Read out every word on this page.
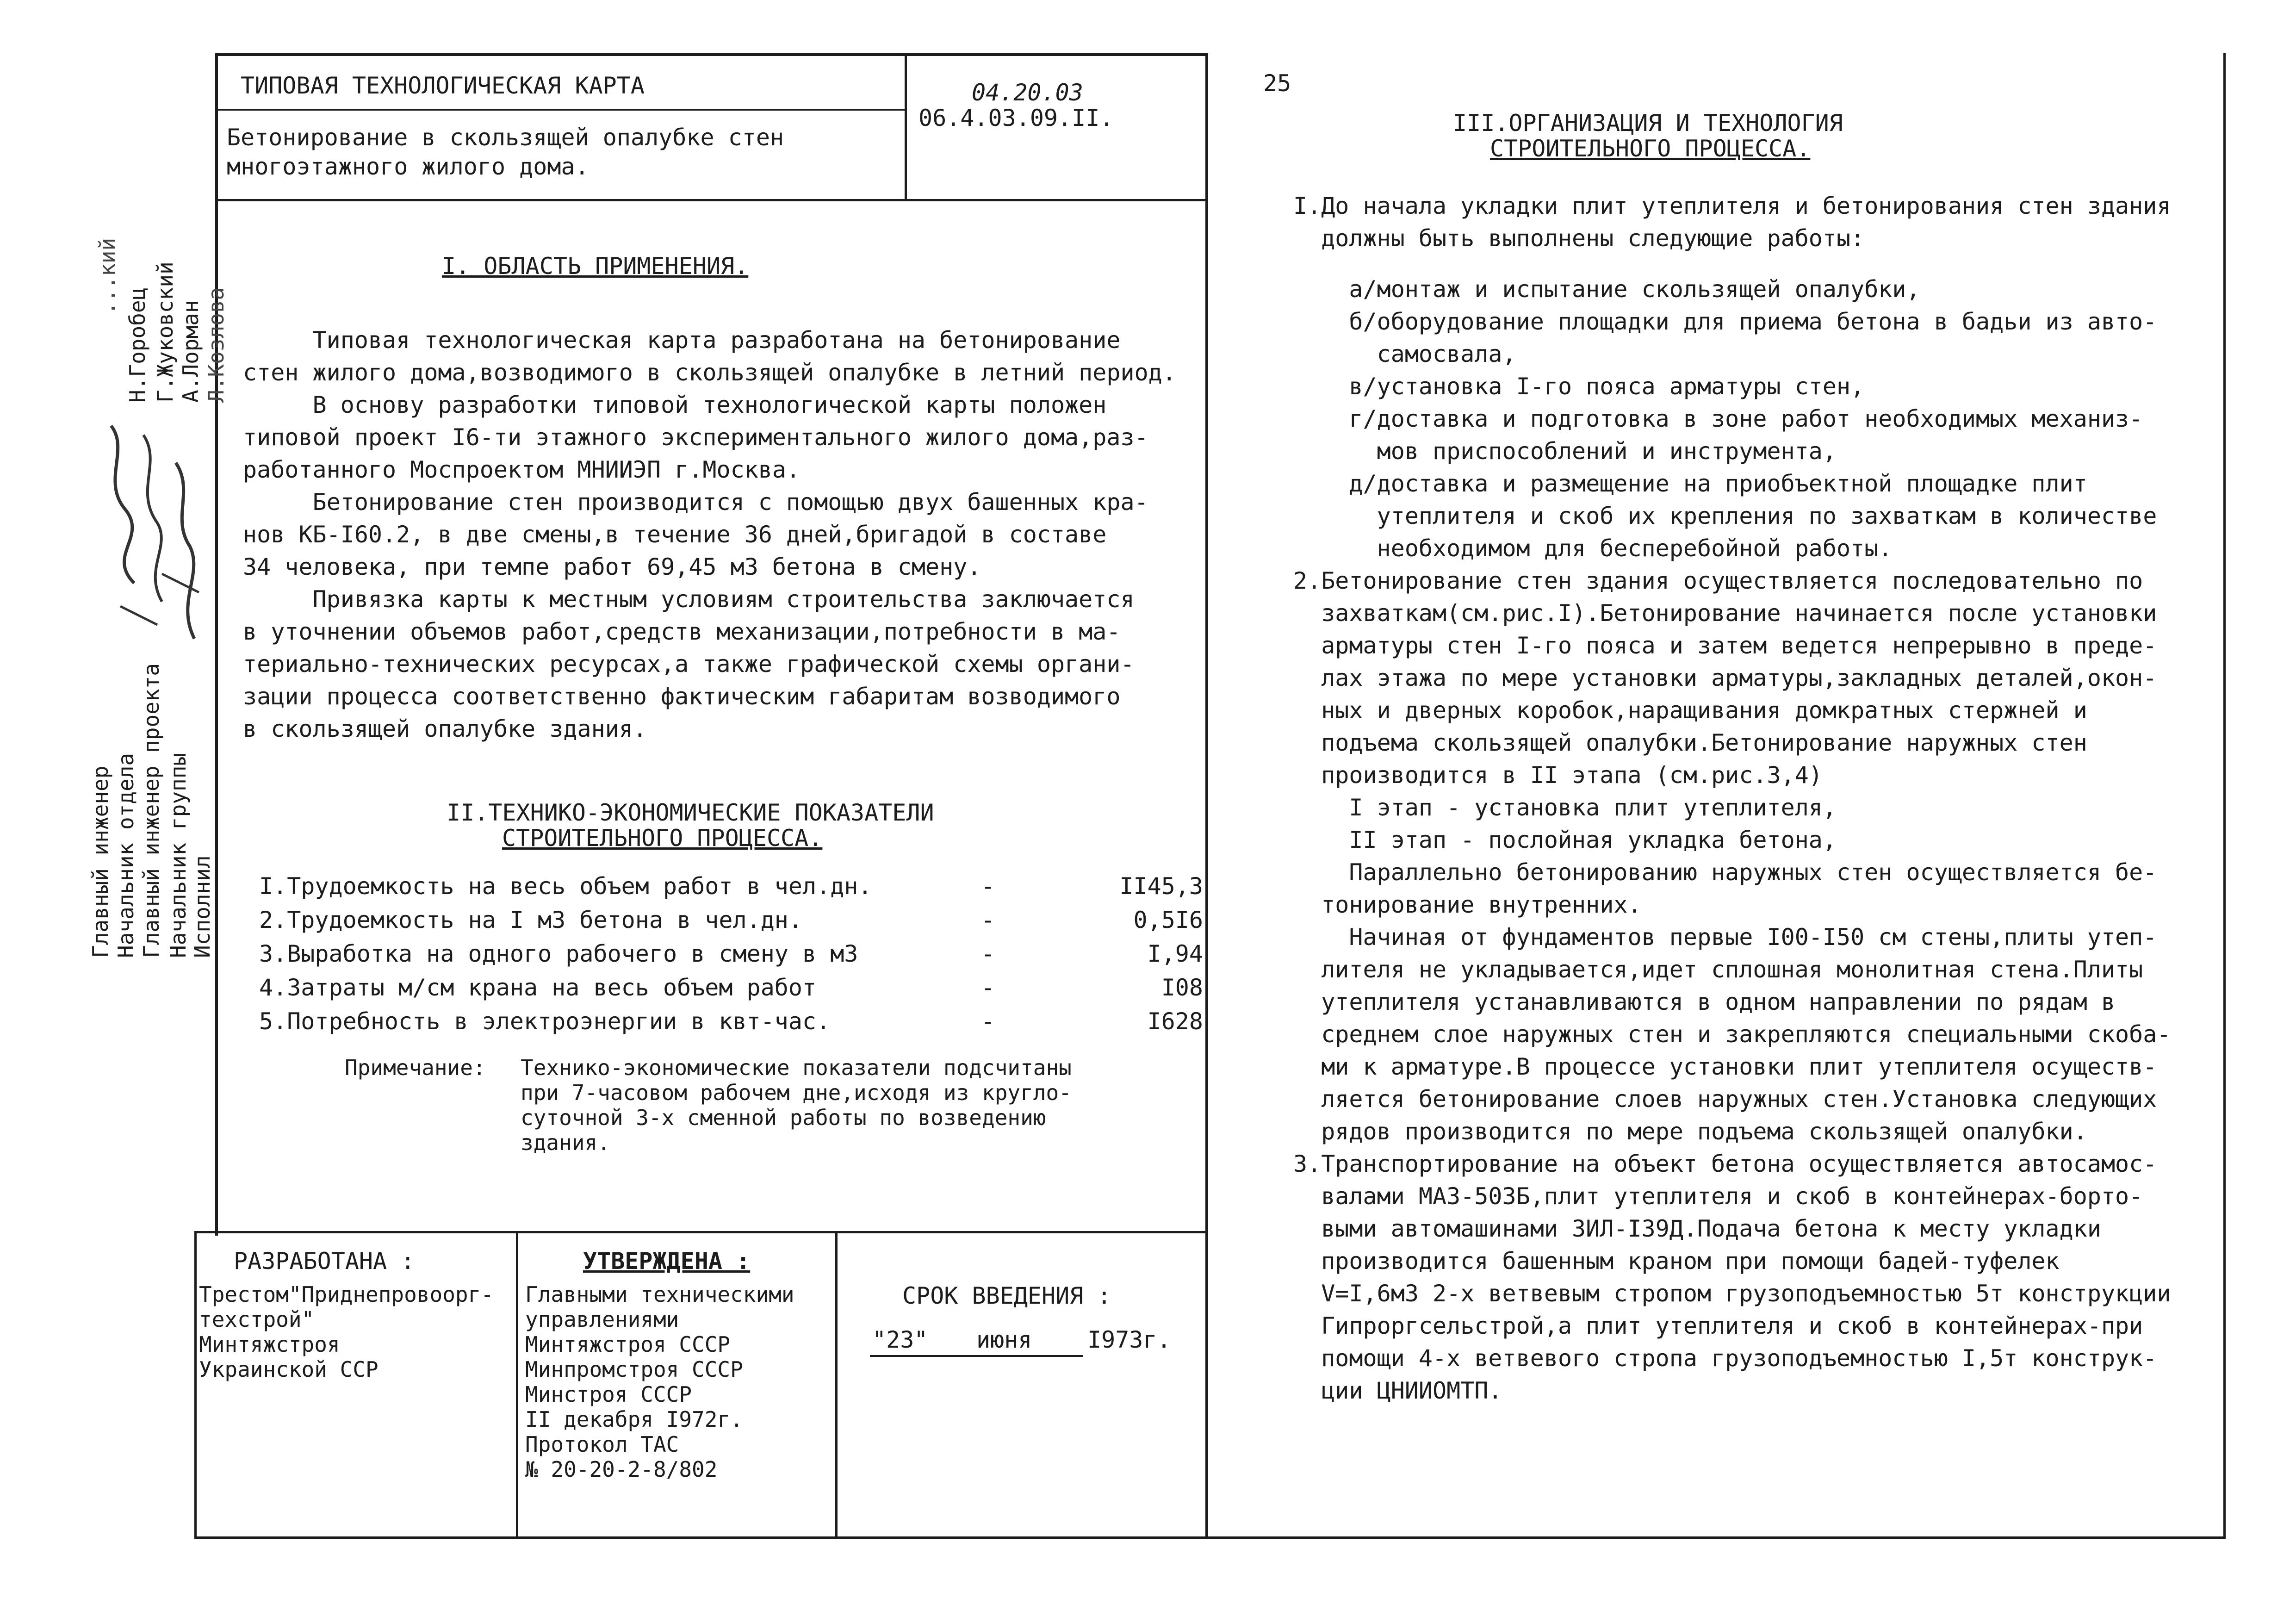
ТИПОВАЯ ТЕХНОЛОГИЧЕСКАЯ КАРТА
Бетонирование в скользящей опалубке стен
многоэтажного жилого дома.
04.20.03
06.4.03.09.II.
25
...кий
Главный инженер Начальник отдела Главный инженер проекта Начальник группы
Исполнил
Н.Горобец Г.Жуковский А.Лорман Л.Козлова
I. ОБЛАСТЬ ПРИМЕНЕНИЯ.
Типовая технологическая карта разработана на бетонирование
стен жилого дома,возводимого в скользящей опалубке в летний период.
В основу разработки типовой технологической карты положен
типовой проект I6-ти этажного экспериментального жилого дома,раз-
работанного Моспроектом МНИИЭП г.Москва.
Бетонирование стен производится с помощью двух башенных кра-
нов КБ-I60.2, в две смены,в течение 36 дней,бригадой в составе
34 человека, при темпе работ 69,45 м3 бетона в смену.
Привязка карты к местным условиям строительства заключается
в уточнении объемов работ,средств механизации,потребности в ма-
териально-технических ресурсах,а также графической схемы органи-
зации процесса соответственно фактическим габаритам возводимого
в скользящей опалубке здания.
II.ТЕХНИКО-ЭКОНОМИЧЕСКИЕ ПОКАЗАТЕЛИ
СТРОИТЕЛЬНОГО ПРОЦЕССА.
I.Трудоемкость на весь объем работ в чел.дн.	-	II45,3
2.Трудоемкость на I м3 бетона в чел.дн.	-	0,5I6
3.Выработка на одного рабочего в смену в м3	-	I,94
4.Затраты м/см крана на весь объем работ	-	I08
5.Потребность в электроэнергии в квт-час.	-	I628
Примечание: Технико-экономические показатели подсчитаны
при 7-часовом рабочем дне,исходя из кругло-
суточной 3-х сменной работы по возведению
здания.
РАЗРАБОТАНА :
Трестом"Приднепровоорг-
техстрой"
Минтяжстроя
Украинской ССР
УТВЕРЖДЕНА :
Главными техническими
управлениями
Минтяжстроя СССР
Минпромстроя СССР
Минстроя СССР
II декабря I972г.
Протокол ТАС
№ 20-20-2-8/802
СРОК ВВЕДЕНИЯ :
"23" июня I973г.
III.ОРГАНИЗАЦИЯ И ТЕХНОЛОГИЯ
СТРОИТЕЛЬНОГО ПРОЦЕССА.
I.До начала укладки плит утеплителя и бетонирования стен здания
должны быть выполнены следующие работы:
а/монтаж и испытание скользящей опалубки,
б/оборудование площадки для приема бетона в бадьи из авто-
самосвала,
в/установка I-го пояса арматуры стен,
г/доставка и подготовка в зоне работ необходимых механиз-
мов приспособлений и инструмента,
д/доставка и размещение на приобъектной площадке плит
утеплителя и скоб их крепления по захваткам в количестве
необходимом для бесперебойной работы.
2.Бетонирование стен здания осуществляется последовательно по
захваткам(см.рис.I).Бетонирование начинается после установки
арматуры стен I-го пояса и затем ведется непрерывно в преде-
лах этажа по мере установки арматуры,закладных деталей,окон-
ных и дверных коробок,наращивания домкратных стержней и
подъема скользящей опалубки.Бетонирование наружных стен
производится в II этапа (см.рис.3,4)
I этап - установка плит утеплителя,
II этап - послойная укладка бетона,
Параллельно бетонированию наружных стен осуществляется бе-
тонирование внутренних.
Начиная от фундаментов первые I00-I50 см стены,плиты утеп-
лителя не укладывается,идет сплошная монолитная стена.Плиты
утеплителя устанавливаются в одном направлении по рядам в
среднем слое наружных стен и закрепляются специальными скоба-
ми к арматуре.В процессе установки плит утеплителя осуществ-
ляется бетонирование слоев наружных стен.Установка следующих
рядов производится по мере подъема скользящей опалубки.
3.Транспортирование на объект бетона осуществляется автосамос-
валами МАЗ-503Б,плит утеплителя и скоб в контейнерах-борто-
выми автомашинами ЗИЛ-I39Д.Подача бетона к месту укладки
производится башенным краном при помощи бадей-туфелек
V=I,6м3 2-х ветвевым стропом грузоподъемностью 5т конструкции
Гипроргсельстрой,а плит утеплителя и скоб в контейнерах-при
помощи 4-х ветвевого стропа грузоподъемностью I,5т конструк-
ции ЦНИИОМТП.
